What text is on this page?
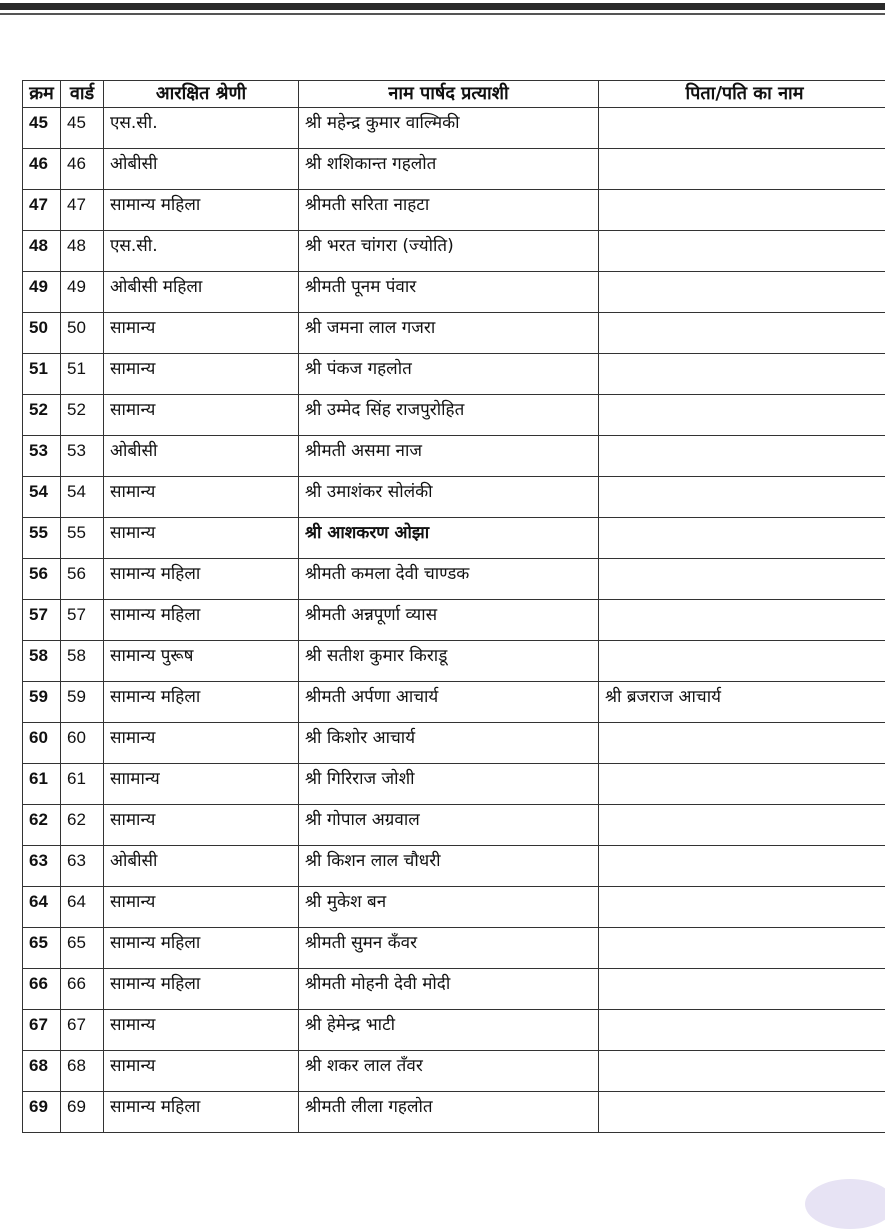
क्रम	वार्ड	आरक्षित श्रेणी	नाम पार्षद प्रत्याशी	पिता/पति का नाम
45	45	एस.सी.	श्री महेन्द्र कुमार वाल्मिकी	
46	46	ओबीसी	श्री शशिकान्त गहलोत	
47	47	सामान्य महिला	श्रीमती सरिता नाहटा	
48	48	एस.सी.	श्री भरत चांगरा (ज्योति)	
49	49	ओबीसी महिला	श्रीमती पूनम पंवार	
50	50	सामान्य	श्री जमना लाल गजरा	
51	51	सामान्य	श्री पंकज गहलोत	
52	52	सामान्य	श्री उम्मेद सिंह राजपुरोहित	
53	53	ओबीसी	श्रीमती असमा नाज	
54	54	सामान्य	श्री उमाशंकर सोलंकी	
55	55	सामान्य	श्री आशकरण ओझा	
56	56	सामान्य महिला	श्रीमती कमला देवी चाण्डक	
57	57	सामान्य महिला	श्रीमती अन्नपूर्णा व्यास	
58	58	सामान्य पुरूष	श्री सतीश कुमार किराडू	
59	59	सामान्य महिला	श्रीमती अर्पणा आचार्य	श्री ब्रजराज आचार्य
60	60	सामान्य	श्री किशोर आचार्य	
61	61	साामान्य	श्री गिरिराज जोशी	
62	62	सामान्य	श्री गोपाल अग्रवाल	
63	63	ओबीसी	श्री किशन लाल चौधरी	
64	64	सामान्य	श्री मुकेश बन	
65	65	सामान्य महिला	श्रीमती सुमन कँवर	
66	66	सामान्य महिला	श्रीमती मोहनी देवी मोदी	
67	67	सामान्य	श्री हेमेन्द्र भाटी	
68	68	सामान्य	श्री शकर लाल तँवर	
69	69	सामान्य महिला	श्रीमती लीला गहलोत	
